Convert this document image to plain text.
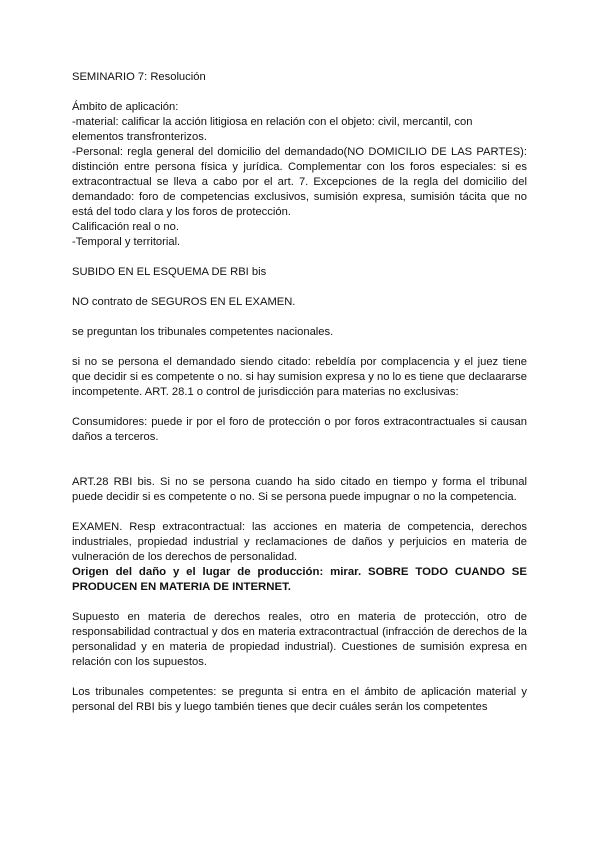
SEMINARIO 7: Resolución

Ámbito de aplicación:

-material: calificar la acción litigiosa en relación con el objeto: civil, mercantil, con elementos transfronterizos.

-Personal: regla general del domicilio del demandado(NO DOMICILIO DE LAS PARTES): distinción entre persona física y jurídica. Complementar con los foros especiales: si es extracontractual se lleva a cabo por el art. 7. Excepciones de la regla del domicilio del demandado: foro de competencias exclusivos, sumisión expresa, sumisión tácita que no está del todo clara y los foros de protección.

Calificación real o no.

-Temporal y territorial.

SUBIDO EN EL ESQUEMA DE RBI bis

NO contrato de SEGUROS EN EL EXAMEN.

se preguntan los tribunales competentes nacionales.

si no se persona el demandado siendo citado: rebeldía por complacencia y el juez tiene que decidir si es competente o no. si hay sumision expresa y no lo es tiene que declaararse incompetente. ART. 28.1 o control de jurisdicción para materias no exclusivas:

Consumidores: puede ir por el foro de protección o por foros extracontractuales si causan daños a terceros.

ART.28 RBI bis. Si no se persona cuando ha sido citado en tiempo y forma el tribunal puede decidir si es competente o no. Si se persona puede impugnar o no la competencia.

EXAMEN. Resp extracontractual: las acciones en materia de competencia, derechos industriales, propiedad industrial y reclamaciones de daños y perjuicios en materia de vulneración de los derechos de personalidad.

Origen del daño y el lugar de producción: mirar. SOBRE TODO CUANDO SE PRODUCEN EN MATERIA DE INTERNET.

Supuesto en materia de derechos reales, otro en materia de protección, otro de responsabilidad contractual y dos en materia extracontractual (infracción de derechos de la personalidad y en materia de propiedad industrial). Cuestiones de sumisión expresa en relación con los supuestos.

Los tribunales competentes: se pregunta si entra en el ámbito de aplicación material y personal del RBI bis y luego también tienes que decir cuáles serán los competentes
